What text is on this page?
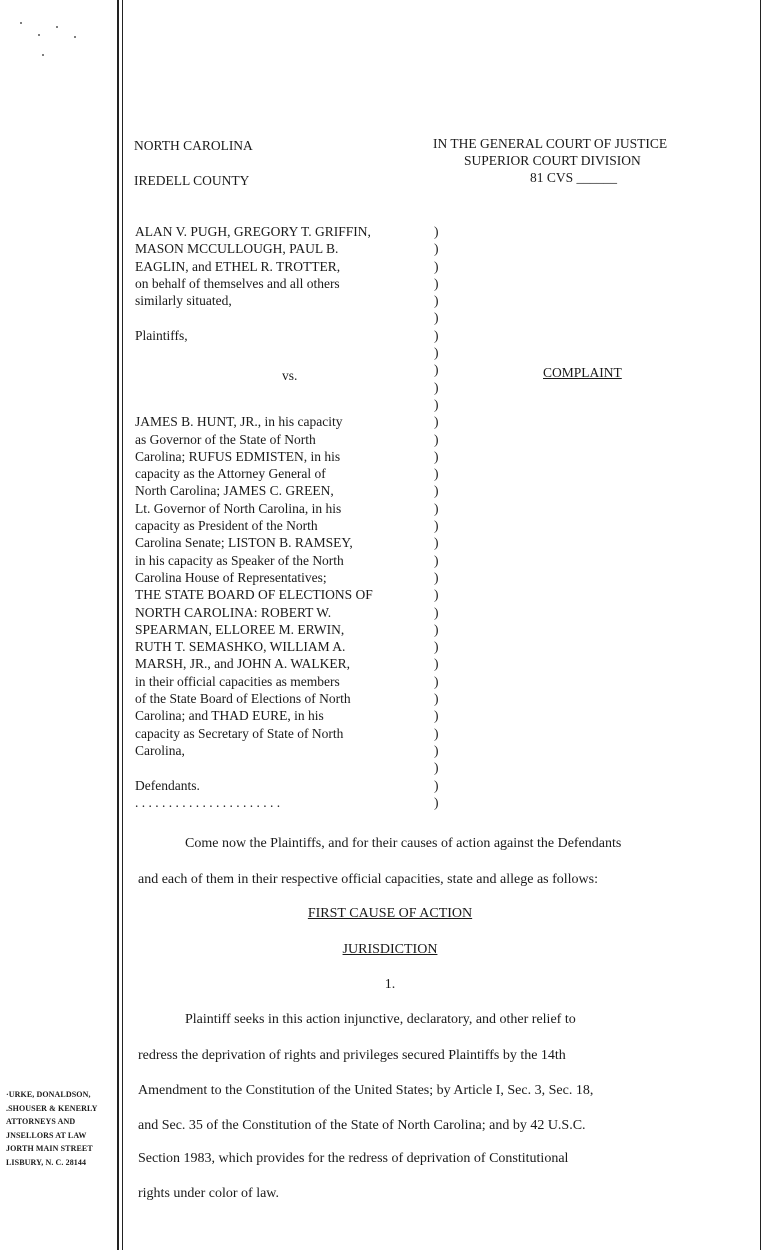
NORTH CAROLINA
IREDELL COUNTY
IN THE GENERAL COURT OF JUSTICE
SUPERIOR COURT DIVISION
81 CVS ______
ALAN V. PUGH, GREGORY T. GRIFFIN,
MASON MCCULLOUGH, PAUL B.
EAGLIN, and ETHEL R. TROTTER,
on behalf of themselves and all others
similarly situated,
Plaintiffs,
JAMES B. HUNT, JR., in his capacity
as Governor of the State of North
Carolina; RUFUS EDMISTEN, in his
capacity as the Attorney General of
North Carolina; JAMES C. GREEN,
Lt. Governor of North Carolina, in his
capacity as President of the North
Carolina Senate; LISTON B. RAMSEY,
in his capacity as Speaker of the North
Carolina House of Representatives;
THE STATE BOARD OF ELECTIONS OF
NORTH CAROLINA: ROBERT W.
SPEARMAN, ELLOREE M. ERWIN,
RUTH T. SEMASHKO, WILLIAM A.
MARSH, JR., and JOHN A. WALKER,
in their official capacities as members
of the State Board of Elections of North
Carolina; and THAD EURE, in his
capacity as Secretary of State of North
Carolina,
Defendants.
. . . . . . . . . . . . . . . . . . . . . .
)
)
)
)
)
)
)
)
)
)
)
)
)
)
)
)
)
)
)
)
)
)
)
)
)
)
)
)
)
)
)
)
)
)
vs.	COMPLAINT
Come now the Plaintiffs, and for their causes of action against the Defendants
and each of them in their respective official capacities, state and allege as follows:
FIRST CAUSE OF ACTION
JURISDICTION
1.
Plaintiff seeks in this action injunctive, declaratory, and other relief to
redress the deprivation of rights and privileges secured Plaintiffs by the 14th
Amendment to the Constitution of the United States; by Article I, Sec. 3, Sec. 18,
and Sec. 35 of the Constitution of the State of North Carolina; and by 42 U.S.C.
Section 1983, which provides for the redress of deprivation of Constitutional
rights under color of law.
·URKE, DONALDSON,
.SHOUSER & KENERLY
ATTORNEYS AND
JNSELLORS AT LAW
JORTH MAIN STREET
LISBURY, N. C. 28144
